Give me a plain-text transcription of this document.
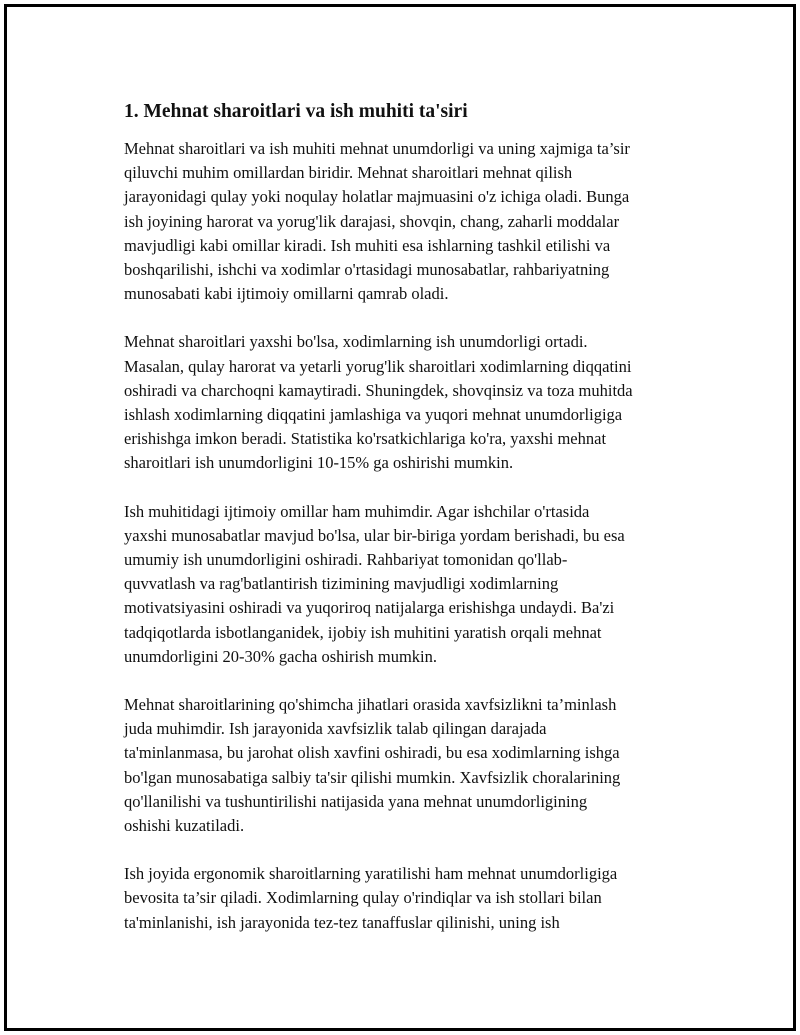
1. Mehnat sharoitlari va ish muhiti ta'siri

Mehnat sharoitlari va ish muhiti mehnat unumdorligi va uning xajmiga ta’sir
qiluvchi muhim omillardan biridir. Mehnat sharoitlari mehnat qilish
jarayonidagi qulay yoki noqulay holatlar majmuasini o'z ichiga oladi. Bunga
ish joyining harorat va yorug'lik darajasi, shovqin, chang, zaharli moddalar
mavjudligi kabi omillar kiradi. Ish muhiti esa ishlarning tashkil etilishi va
boshqarilishi, ishchi va xodimlar o'rtasidagi munosabatlar, rahbariyatning
munosabati kabi ijtimoiy omillarni qamrab oladi.

Mehnat sharoitlari yaxshi bo'lsa, xodimlarning ish unumdorligi ortadi.
Masalan, qulay harorat va yetarli yorug'lik sharoitlari xodimlarning diqqatini
oshiradi va charchoqni kamaytiradi. Shuningdek, shovqinsiz va toza muhitda
ishlash xodimlarning diqqatini jamlashiga va yuqori mehnat unumdorligiga
erishishga imkon beradi. Statistika ko'rsatkichlariga ko'ra, yaxshi mehnat
sharoitlari ish unumdorligini 10-15% ga oshirishi mumkin.

Ish muhitidagi ijtimoiy omillar ham muhimdir. Agar ishchilar o'rtasida
yaxshi munosabatlar mavjud bo'lsa, ular bir-biriga yordam berishadi, bu esa
umumiy ish unumdorligini oshiradi. Rahbariyat tomonidan qo'llab-
quvvatlash va rag'batlantirish tizimining mavjudligi xodimlarning
motivatsiyasini oshiradi va yuqoriroq natijalarga erishishga undaydi. Ba'zi
tadqiqotlarda isbotlanganidek, ijobiy ish muhitini yaratish orqali mehnat
unumdorligini 20-30% gacha oshirish mumkin.

Mehnat sharoitlarining qo'shimcha jihatlari orasida xavfsizlikni ta’minlash
juda muhimdir. Ish jarayonida xavfsizlik talab qilingan darajada
ta'minlanmasa, bu jarohat olish xavfini oshiradi, bu esa xodimlarning ishga
bo'lgan munosabatiga salbiy ta'sir qilishi mumkin. Xavfsizlik choralarining
qo'llanilishi va tushuntirilishi natijasida yana mehnat unumdorligining
oshishi kuzatiladi.

Ish joyida ergonomik sharoitlarning yaratilishi ham mehnat unumdorligiga
bevosita ta’sir qiladi. Xodimlarning qulay o'rindiqlar va ish stollari bilan
ta'minlanishi, ish jarayonida tez-tez tanaffuslar qilinishi, uning ish
